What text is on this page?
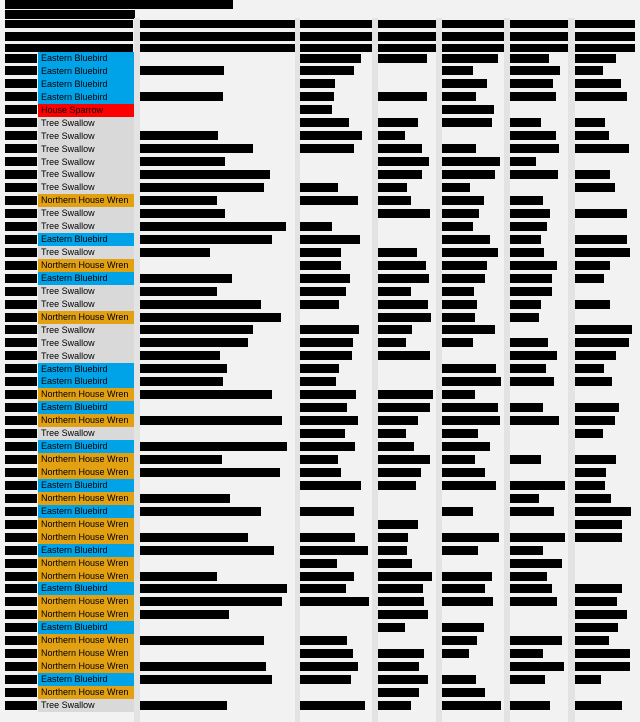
Eastern Bluebird
Eastern Bluebird
Eastern Bluebird
Eastern Bluebird
House Sparrow
Tree Swallow
Tree Swallow
Tree Swallow
Tree Swallow
Tree Swallow
Tree Swallow
Northern House Wren
Tree Swallow
Tree Swallow
Eastern Bluebird
Tree Swallow
Northern House Wren
Eastern Bluebird
Tree Swallow
Tree Swallow
Northern House Wren
Tree Swallow
Tree Swallow
Tree Swallow
Eastern Bluebird
Eastern Bluebird
Northern House Wren
Eastern Bluebird
Northern House Wren
Tree Swallow
Eastern Bluebird
Northern House Wren
Northern House Wren
Eastern Bluebird
Northern House Wren
Eastern Bluebird
Northern House Wren
Northern House Wren
Eastern Bluebird
Northern House Wren
Northern House Wren
Eastern Bluebird
Northern House Wren
Northern House Wren
Eastern Bluebird
Northern House Wren
Northern House Wren
Northern House Wren
Eastern Bluebird
Northern House Wren
Tree Swallow
